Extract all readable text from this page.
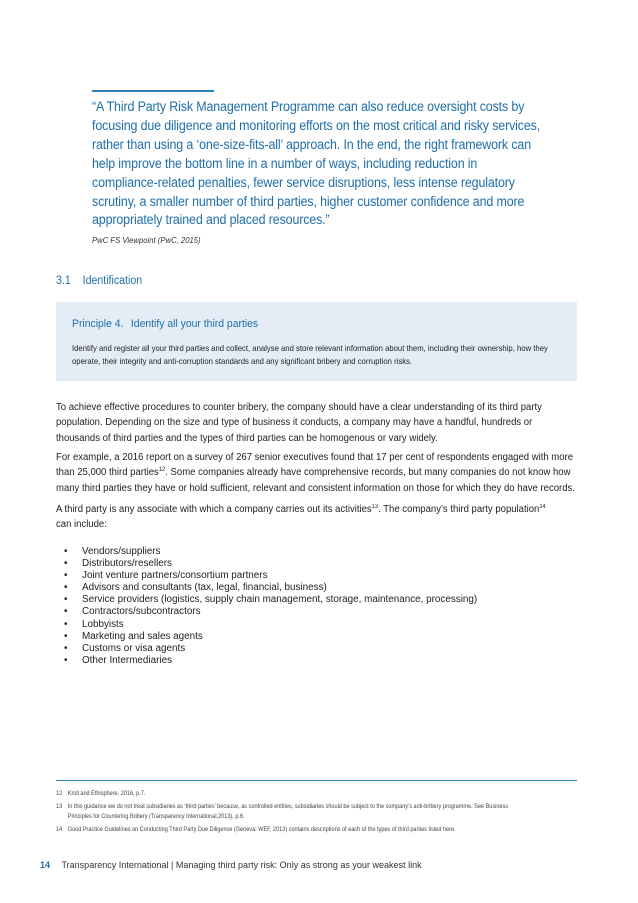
“A Third Party Risk Management Programme can also reduce oversight costs by focusing due diligence and monitoring efforts on the most critical and risky services, rather than using a ‘one-size-fits-all’ approach. In the end, the right framework can help improve the bottom line in a number of ways, including reduction in compliance-related penalties, fewer service disruptions, less intense regulatory scrutiny, a smaller number of third parties, higher customer confidence and more appropriately trained and placed resources.”

PwC FS Viewpoint (PwC, 2015)
3.1 Identification
Principle 4. Identify all your third parties

Identify and register all your third parties and collect, analyse and store relevant information about them, including their ownership, how they operate, their integrity and anti-corruption standards and any significant bribery and corruption risks.

To achieve effective procedures to counter bribery, the company should have a clear understanding of its third party population. Depending on the size and type of business it conducts, a company may have a handful, hundreds or thousands of third parties and the types of third parties can be homogenous or vary widely.

For example, a 2016 report on a survey of 267 senior executives found that 17 per cent of respondents engaged with more than 25,000 third parties$^{12}$. Some companies already have comprehensive records, but many companies do not know how many third parties they have or hold sufficient, relevant and consistent information on those for which they do have records.

A third party is any associate with which a company carries out its activities$^{13}$. The company’s third party population$^{14}$
can include:

• Vendors/suppliers
• Distributors/resellers
• Joint venture partners/consortium partners
• Advisors and consultants (tax, legal, financial, business)
• Service providers (logistics, supply chain management, storage, maintenance, processing)
• Contractors/subcontractors
• Lobbyists
• Marketing and sales agents
• Customs or visa agents
• Other Intermediaries
12 Kroll and Ethisphere, 2016, p.7.
13 In this guidance we do not treat subsidiaries as ‘third parties’ because, as controlled entities, subsidiaries should be subject to the company’s anti-bribery programme. See Business Principles for Countering Bribery (Transparency International,2013), p.6.
14 Good Practice Guidelines on Conducting Third Party Due Diligence (Geneva: WEF, 2013) contains descriptions of each of the types of third parties listed here.
14 Transparency International | Managing third party risk: Only as strong as your weakest link
